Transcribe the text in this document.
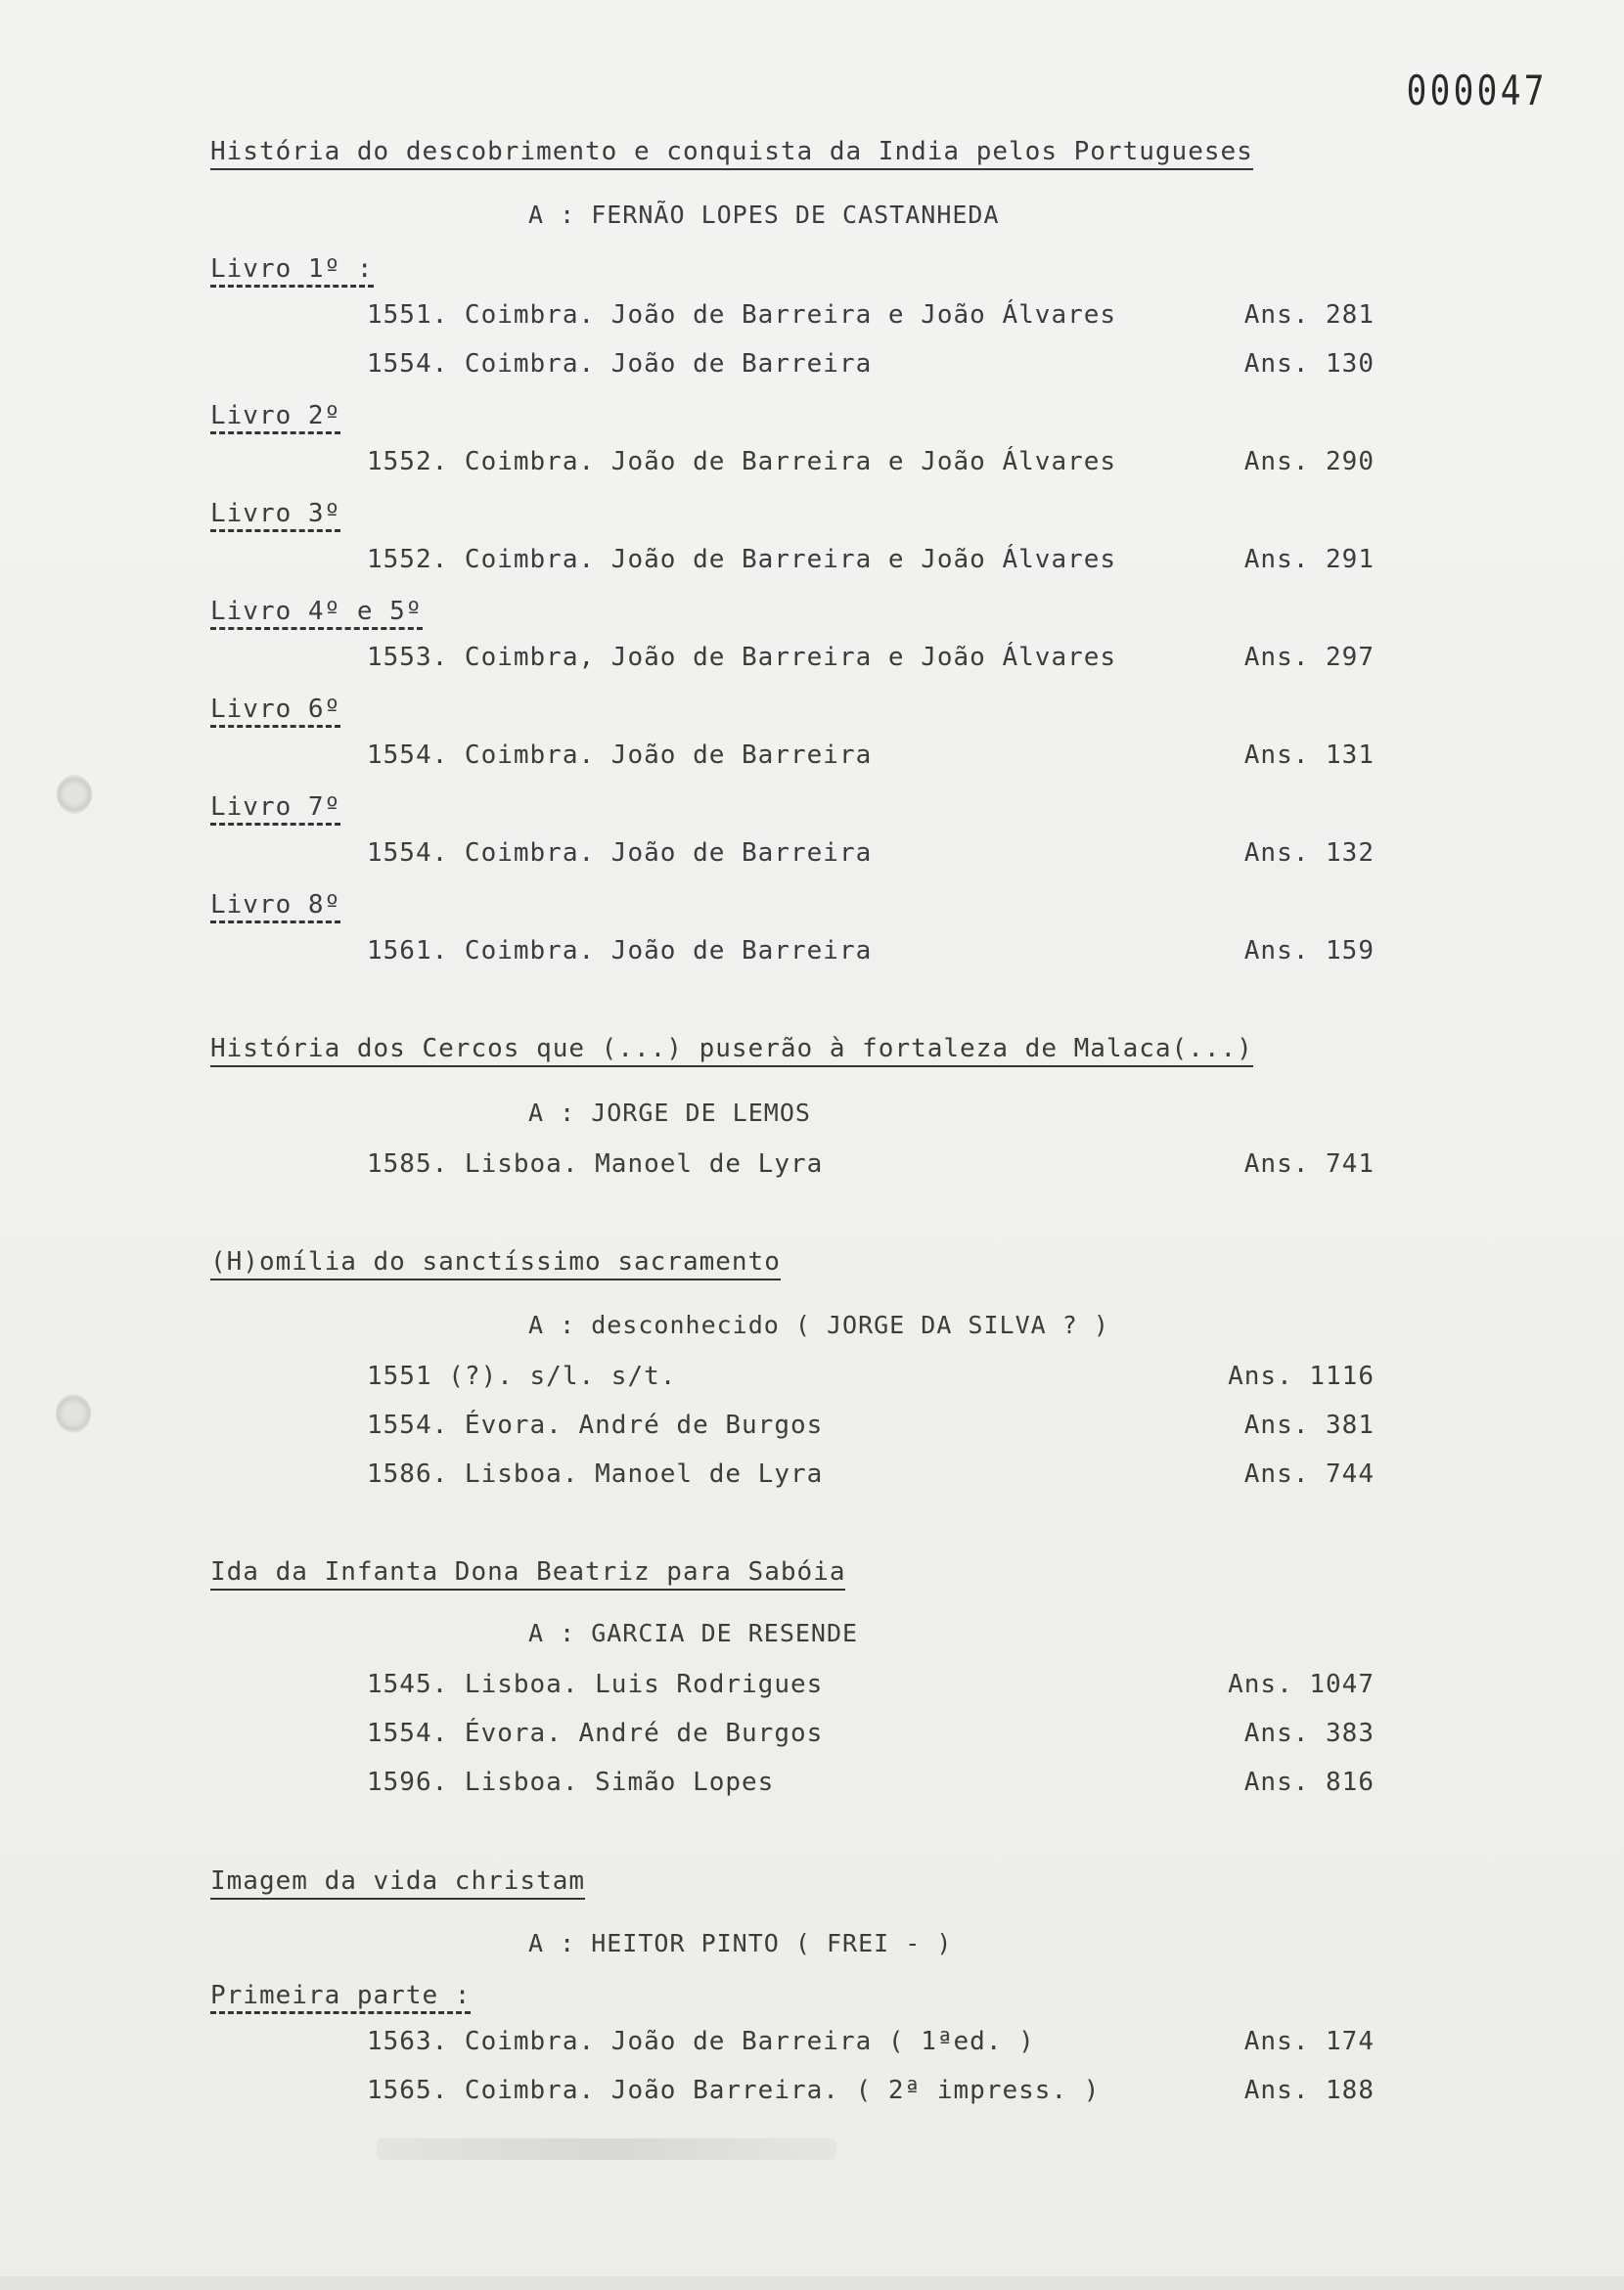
000047
História do descobrimento e conquista da India pelos Portugueses
A : FERNÃO LOPES DE CASTANHEDA
Livro 1º :
1551. Coimbra. João de Barreira e João Álvares	Ans. 281
1554. Coimbra. João de Barreira	Ans. 130
Livro 2º
1552. Coimbra. João de Barreira e João Álvares	Ans. 290
Livro 3º
1552. Coimbra. João de Barreira e João Álvares	Ans. 291
Livro 4º e 5º
1553. Coimbra, João de Barreira e João Álvares	Ans. 297
Livro 6º
1554. Coimbra. João de Barreira	Ans. 131
Livro 7º
1554. Coimbra. João de Barreira	Ans. 132
Livro 8º
1561. Coimbra. João de Barreira	Ans. 159
História dos Cercos que (...) puserão à fortaleza de Malaca(...)
A : JORGE DE LEMOS
1585. Lisboa. Manoel de Lyra	Ans. 741
(H)omília do sanctíssimo sacramento
A : desconhecido ( JORGE DA SILVA ? )
1551 (?). s/l. s/t.	Ans. 1116
1554. Évora. André de Burgos	Ans. 381
1586. Lisboa. Manoel de Lyra	Ans. 744
Ida da Infanta Dona Beatriz para Sabóia
A : GARCIA DE RESENDE
1545. Lisboa. Luis Rodrigues	Ans. 1047
1554. Évora. André de Burgos	Ans. 383
1596. Lisboa. Simão Lopes	Ans. 816
Imagem da vida christam
A : HEITOR PINTO ( FREI - )
Primeira parte :
1563. Coimbra. João de Barreira ( 1ªed. )	Ans. 174
1565. Coimbra. João Barreira. ( 2ª impress. )	Ans. 188
